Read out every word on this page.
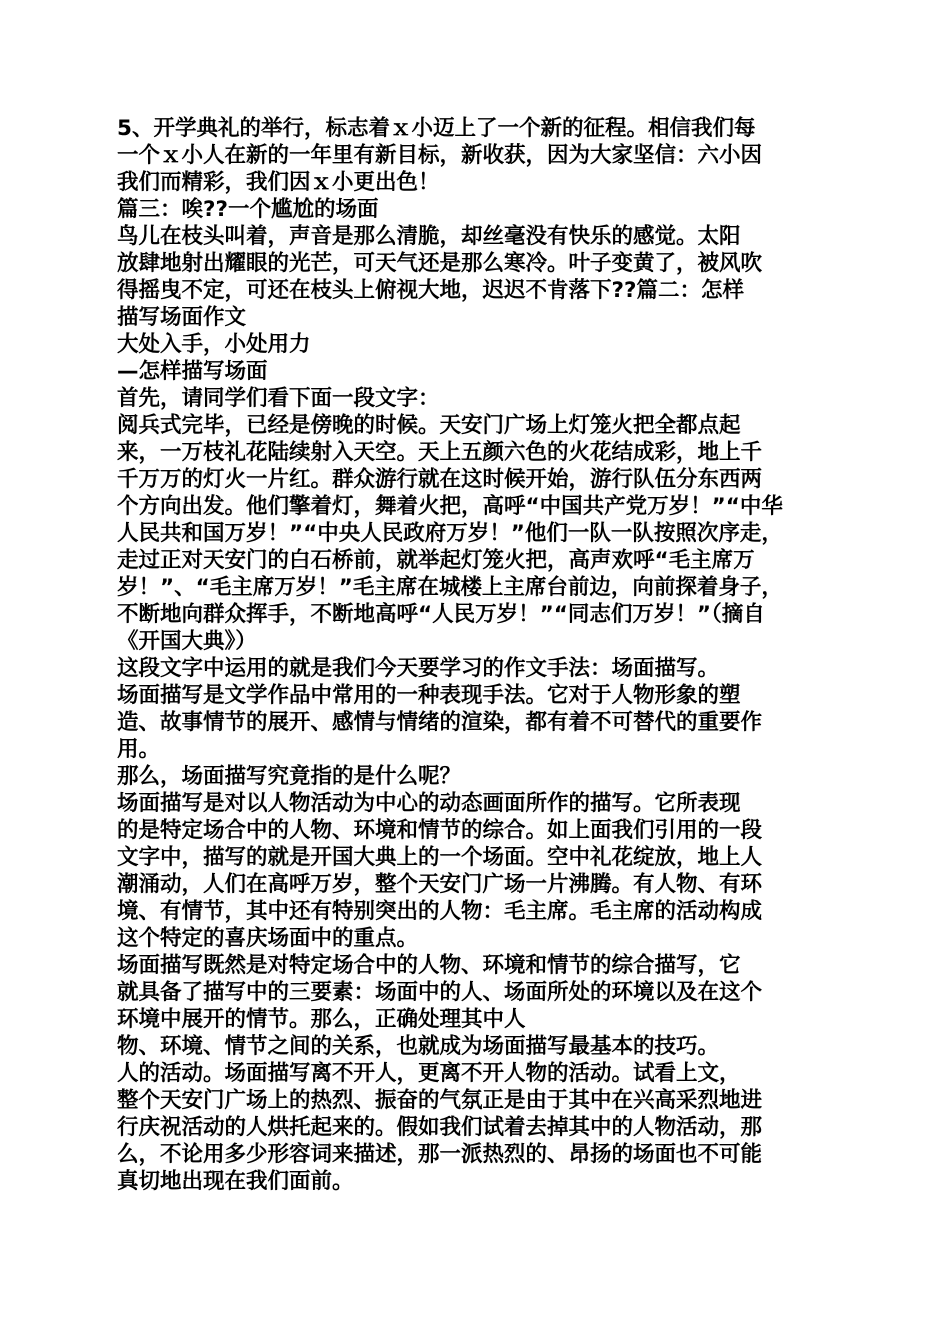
5、开学典礼的举行，标志着ｘ小迈上了一个新的征程。相信我们每
一个ｘ小人在新的一年里有新目标，新收获，因为大家坚信：六小因
我们而精彩，我们因ｘ小更出色！
篇三：唉??一个尴尬的场面
鸟儿在枝头叫着，声音是那么清脆，却丝毫没有快乐的感觉。太阳
放肆地射出耀眼的光芒，可天气还是那么寒冷。叶子变黄了，被风吹
得摇曳不定，可还在枝头上俯视大地，迟迟不肯落下??篇二：怎样
描写场面作文
大处入手，小处用力
—怎样描写场面
首先，请同学们看下面一段文字：
阅兵式完毕，已经是傍晚的时候。天安门广场上灯笼火把全都点起
来，一万枝礼花陆续射入天空。天上五颜六色的火花结成彩，地上千
千万万的灯火一片红。群众游行就在这时候开始，游行队伍分东西两
个方向出发。他们擎着灯，舞着火把，高呼“中国共产党万岁！”“中华
人民共和国万岁！”“中央人民政府万岁！”他们一队一队按照次序走，
走过正对天安门的白石桥前，就举起灯笼火把，高声欢呼“毛主席万
岁！”、“毛主席万岁！”毛主席在城楼上主席台前边，向前探着身子，
不断地向群众挥手，不断地高呼“人民万岁！”“同志们万岁！”（摘自
《开国大典》）
这段文字中运用的就是我们今天要学习的作文手法：场面描写。
场面描写是文学作品中常用的一种表现手法。它对于人物形象的塑
造、故事情节的展开、感情与情绪的渲染，都有着不可替代的重要作
用。
那么，场面描写究竟指的是什么呢？
场面描写是对以人物活动为中心的动态画面所作的描写。它所表现
的是特定场合中的人物、环境和情节的综合。如上面我们引用的一段
文字中，描写的就是开国大典上的一个场面。空中礼花绽放，地上人
潮涌动，人们在高呼万岁，整个天安门广场一片沸腾。有人物、有环
境、有情节，其中还有特别突出的人物：毛主席。毛主席的活动构成
这个特定的喜庆场面中的重点。
场面描写既然是对特定场合中的人物、环境和情节的综合描写，它
就具备了描写中的三要素：场面中的人、场面所处的环境以及在这个
环境中展开的情节。那么，正确处理其中人
物、环境、情节之间的关系，也就成为场面描写最基本的技巧。
人的活动。场面描写离不开人，更离不开人物的活动。试看上文，
整个天安门广场上的热烈、振奋的气氛正是由于其中在兴高采烈地进
行庆祝活动的人烘托起来的。假如我们试着去掉其中的人物活动，那
么，不论用多少形容词来描述，那一派热烈的、昂扬的场面也不可能
真切地出现在我们面前。
